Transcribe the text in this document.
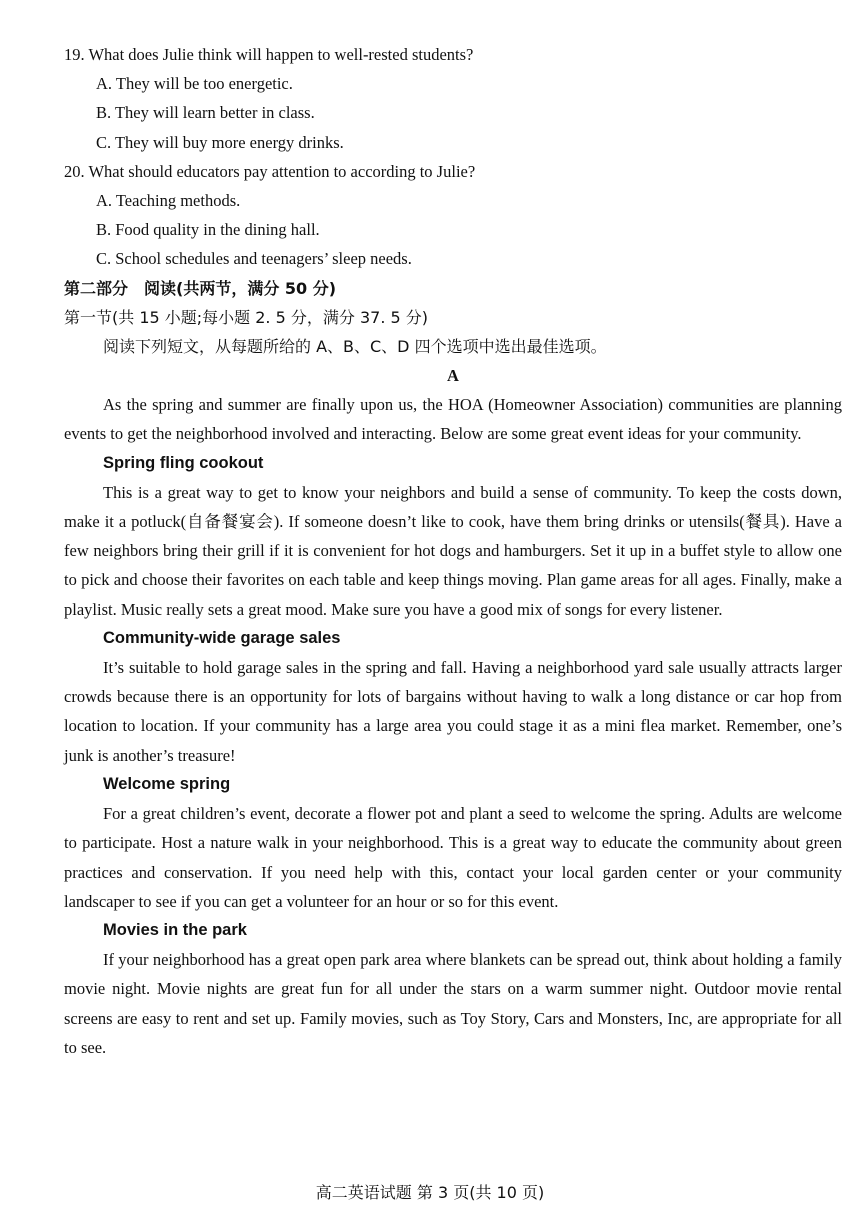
19. What does Julie think will happen to well-rested students?
A. They will be too energetic.
B. They will learn better in class.
C. They will buy more energy drinks.
20. What should educators pay attention to according to Julie?
A. Teaching methods.
B. Food quality in the dining hall.
C. School schedules and teenagers’ sleep needs.
第二部分　阅读(共两节，满分 50 分)
第一节(共 15 小题;每小题 2. 5 分，满分 37. 5 分)
阅读下列短文，从每题所给的 A、B、C、D 四个选项中选出最佳选项。
A

As the spring and summer are finally upon us, the HOA (Homeowner Association) communities are planning events to get the neighborhood involved and interacting. Below are some great event ideas for your community.

Spring fling cookout

This is a great way to get to know your neighbors and build a sense of community. To keep the costs down, make it a potluck(自备餐宴会). If someone doesn’t like to cook, have them bring drinks or utensils(餐具). Have a few neighbors bring their grill if it is convenient for hot dogs and hamburgers. Set it up in a buffet style to allow one to pick and choose their favorites on each table and keep things moving. Plan game areas for all ages. Finally, make a playlist. Music really sets a great mood. Make sure you have a good mix of songs for every listener.

Community-wide garage sales

It’s suitable to hold garage sales in the spring and fall. Having a neighborhood yard sale usually attracts larger crowds because there is an opportunity for lots of bargains without having to walk a long distance or car hop from location to location. If your community has a large area you could stage it as a mini flea market. Remember, one’s junk is another’s treasure!

Welcome spring

For a great children’s event, decorate a flower pot and plant a seed to welcome the spring. Adults are welcome to participate. Host a nature walk in your neighborhood. This is a great way to educate the community about green practices and conservation. If you need help with this, contact your local garden center or your community landscaper to see if you can get a volunteer for an hour or so for this event.

Movies in the park

If your neighborhood has a great open park area where blankets can be spread out, think about holding a family movie night. Movie nights are great fun for all under the stars on a warm summer night. Outdoor movie rental screens are easy to rent and set up. Family movies, such as Toy Story, Cars and Monsters, Inc, are appropriate for all to see.

高二英语试题 第 3 页(共 10 页)
